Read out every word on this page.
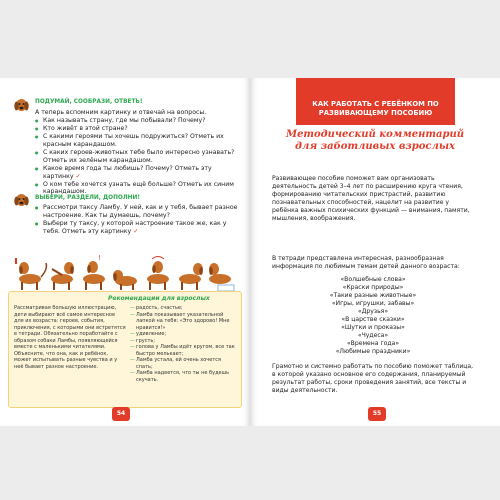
ПОДУМАЙ, СООБРАЗИ, ОТВЕТЬ!
А теперь вспомним картинку и отвечай на вопросы.
● Как называть страну, где мы побывали? Почему?
● Кто живёт в этой стране?
● С какими героями ты хочешь подружиться? Отметь их красным карандашом.
● С каких героев-животных тебе было интересно узнавать? Отметь их зелёным карандашом.
● Какое время года ты любишь? Почему? Отметь эту картинку ✓
● О ком тебе хочется узнать ещё больше? Отметь их синим карандашом.
ВЫБЕРИ, РАЗДЕЛИ, ДОПОЛНИ!
● Рассмотри таксу Ламбу. У ней, как и у тебя, бывает разное настроение. Как ты думаешь, почему?
● Выбери ту таксу, у которой настроение такое же, как у тебя. Отметь эту картинку ✓
!
Рекомендации для взрослых
Рассматривая большую иллюстрацию, дети выбирают всё самое интересное для их возраста: героев, события, приключения, с которыми они встретятся в тетради. Обязательно поработайте с образом собаки Ламбы, появляющейся вместе с маленькими читателями. Объясните, что она, как и ребёнок, может испытывать разные чувства и у неё бывает разное настроение.
— радость, счастье;
— Ламба показывает указательной лапкой на тебя: «Это здорово! Мне нравится!»
— удивление;
— грусть;
— голова у Ламбы идёт кругом, все так быстро мелькает;
— Ламба устала, ей очень хочется спать;
— Ламба надеется, что ты не будешь скучать.
54
КАК РАБОТАТЬ С РЕБЁНКОМ ПО РАЗВИВАЮЩЕМУ ПОСОБИЮ
Методический комментарий для заботливых взрослых
Развивающее пособие поможет вам организовать деятельность детей 3–4 лет по расширению круга чтения, формированию читательских пристрастий, развитию познавательных способностей, нацелит на развитие у ребёнка важных психических функций — внимания, памяти, мышления, воображения.
В тетради представлена интересная, разнообразная информация по любимым темам детей данного возраста:
«Волшебные слова»
«Краски природы»
«Такие разные животные»
«Игры, игрушки, забавы»
«Друзья»
«В царстве сказки»
«Шутки и проказы»
«Чудеса»
«Времена года»
«Любимые праздники»
Грамотно и системно работать по пособию поможет таблица, в которой указано основное его содержания, планируемый результат работы, сроки проведения занятий, все тексты и виды деятельности.
55
